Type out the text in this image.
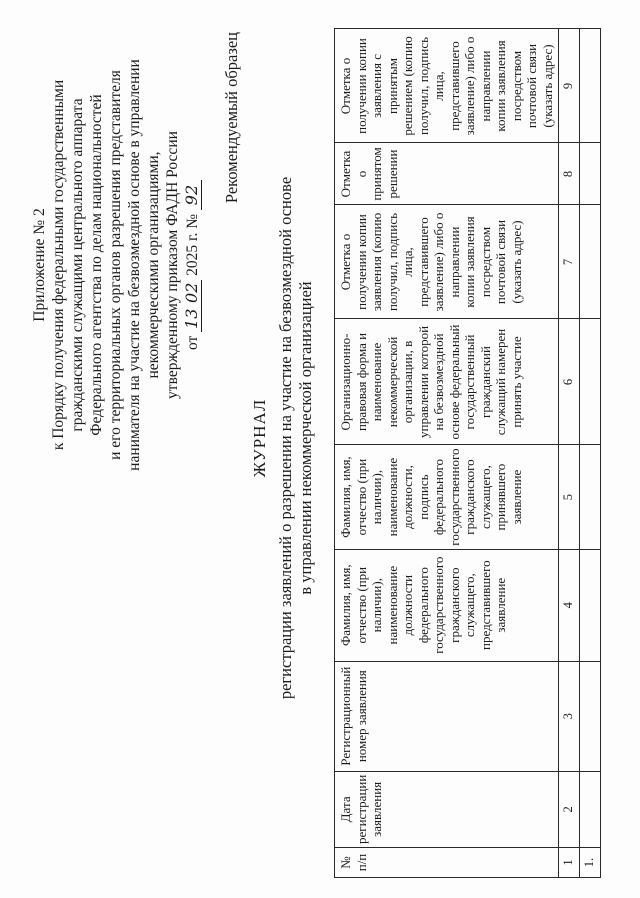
Приложение № 2 к Порядку получения федеральными государственными гражданскими служащими центрального аппарата Федерального агентства по делам национальностей и его территориальных органов разрешения представителя нанимателя на участие на безвозмездной основе в управлении некоммерческими организациями, утвержденному приказом ФАДН России от 1302 2025 г. № 92 Рекомендуемый образец
ЖУРНАЛ регистрации заявлений о разрешении на участие на безвозмездной основе в управлении некоммерческой организацией
№ п/п	Дата регистрации заявления	Регистрационный номер заявления	Фамилия, имя, отчество (при наличии), наименование должности федерального государственного гражданского служащего, представившего заявление	Фамилия, имя, отчество (при наличии), наименование должности, подпись федерального государственного гражданского служащего, принявшего заявление	Организационно-правовая форма и наименование некоммерческой организации, в управлении которой на безвозмездной основе федеральный государственный гражданский служащий намерен принять участие	Отметка о получении копии заявления (копию получил, подпись лица, представившего заявление) либо о направлении копии заявления посредством почтовой связи (указать адрес)	Отметка о принятом решении	Отметка о получении копии заявления с принятым решением (копию получил, подпись лица, представившего заявление) либо о направлении копии заявления посредством почтовой связи (указать адрес)
1	2	3	4	5	6	7	8	9
1.								
